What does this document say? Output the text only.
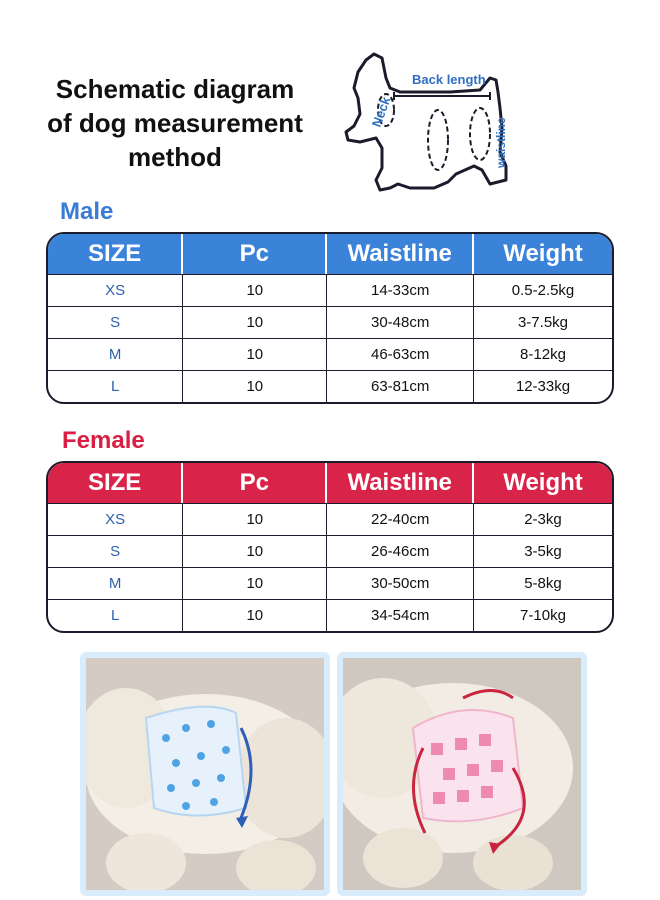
Schematic diagram
of dog measurement
method
Back length
Neck
waistline
Male
SIZE	Pc	Waistline	Weight
XS	10	14-33cm	0.5-2.5kg
S	10	30-48cm	3-7.5kg
M	10	46-63cm	8-12kg
L	10	63-81cm	12-33kg
Female
SIZE	Pc	Waistline	Weight
XS	10	22-40cm	2-3kg
S	10	26-46cm	3-5kg
M	10	30-50cm	5-8kg
L	10	34-54cm	7-10kg
